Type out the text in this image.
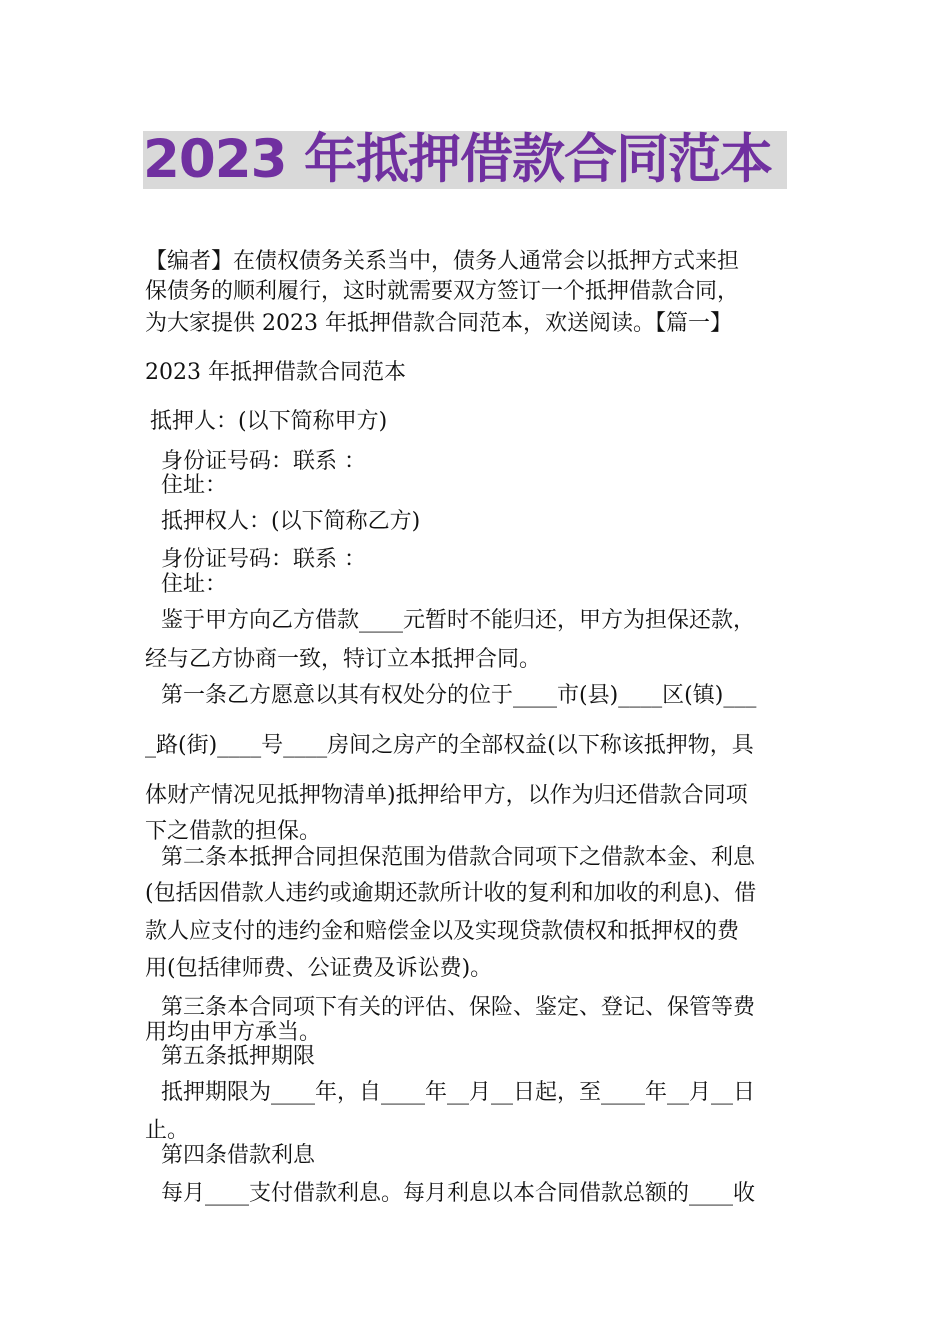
2023 年抵押借款合同范本
【编者】在债权债务关系当中，债务人通常会以抵押方式来担
保债务的顺利履行，这时就需要双方签订一个抵押借款合同，
为大家提供 2023 年抵押借款合同范本，欢送阅读。【篇一】
2023 年抵押借款合同范本
抵押人：(以下简称甲方)
身份证号码：联系 ：
住址：
抵押权人：(以下简称乙方)
身份证号码：联系 ：
住址：
鉴于甲方向乙方借款____元暂时不能归还，甲方为担保还款，
经与乙方协商一致，特订立本抵押合同。
第一条乙方愿意以其有权处分的位于____市(县)____区(镇)___
_路(街)____号____房间之房产的全部权益(以下称该抵押物，具
体财产情况见抵押物清单)抵押给甲方，以作为归还借款合同项
下之借款的担保。
第二条本抵押合同担保范围为借款合同项下之借款本金、利息
(包括因借款人违约或逾期还款所计收的复利和加收的利息)、借
款人应支付的违约金和赔偿金以及实现贷款债权和抵押权的费
用(包括律师费、公证费及诉讼费)。
第三条本合同项下有关的评估、保险、鉴定、登记、保管等费
用均由甲方承当。
第五条抵押期限
抵押期限为____年，自____年__月__日起，至____年__月__日
止。
第四条借款利息
每月____支付借款利息。每月利息以本合同借款总额的____收
